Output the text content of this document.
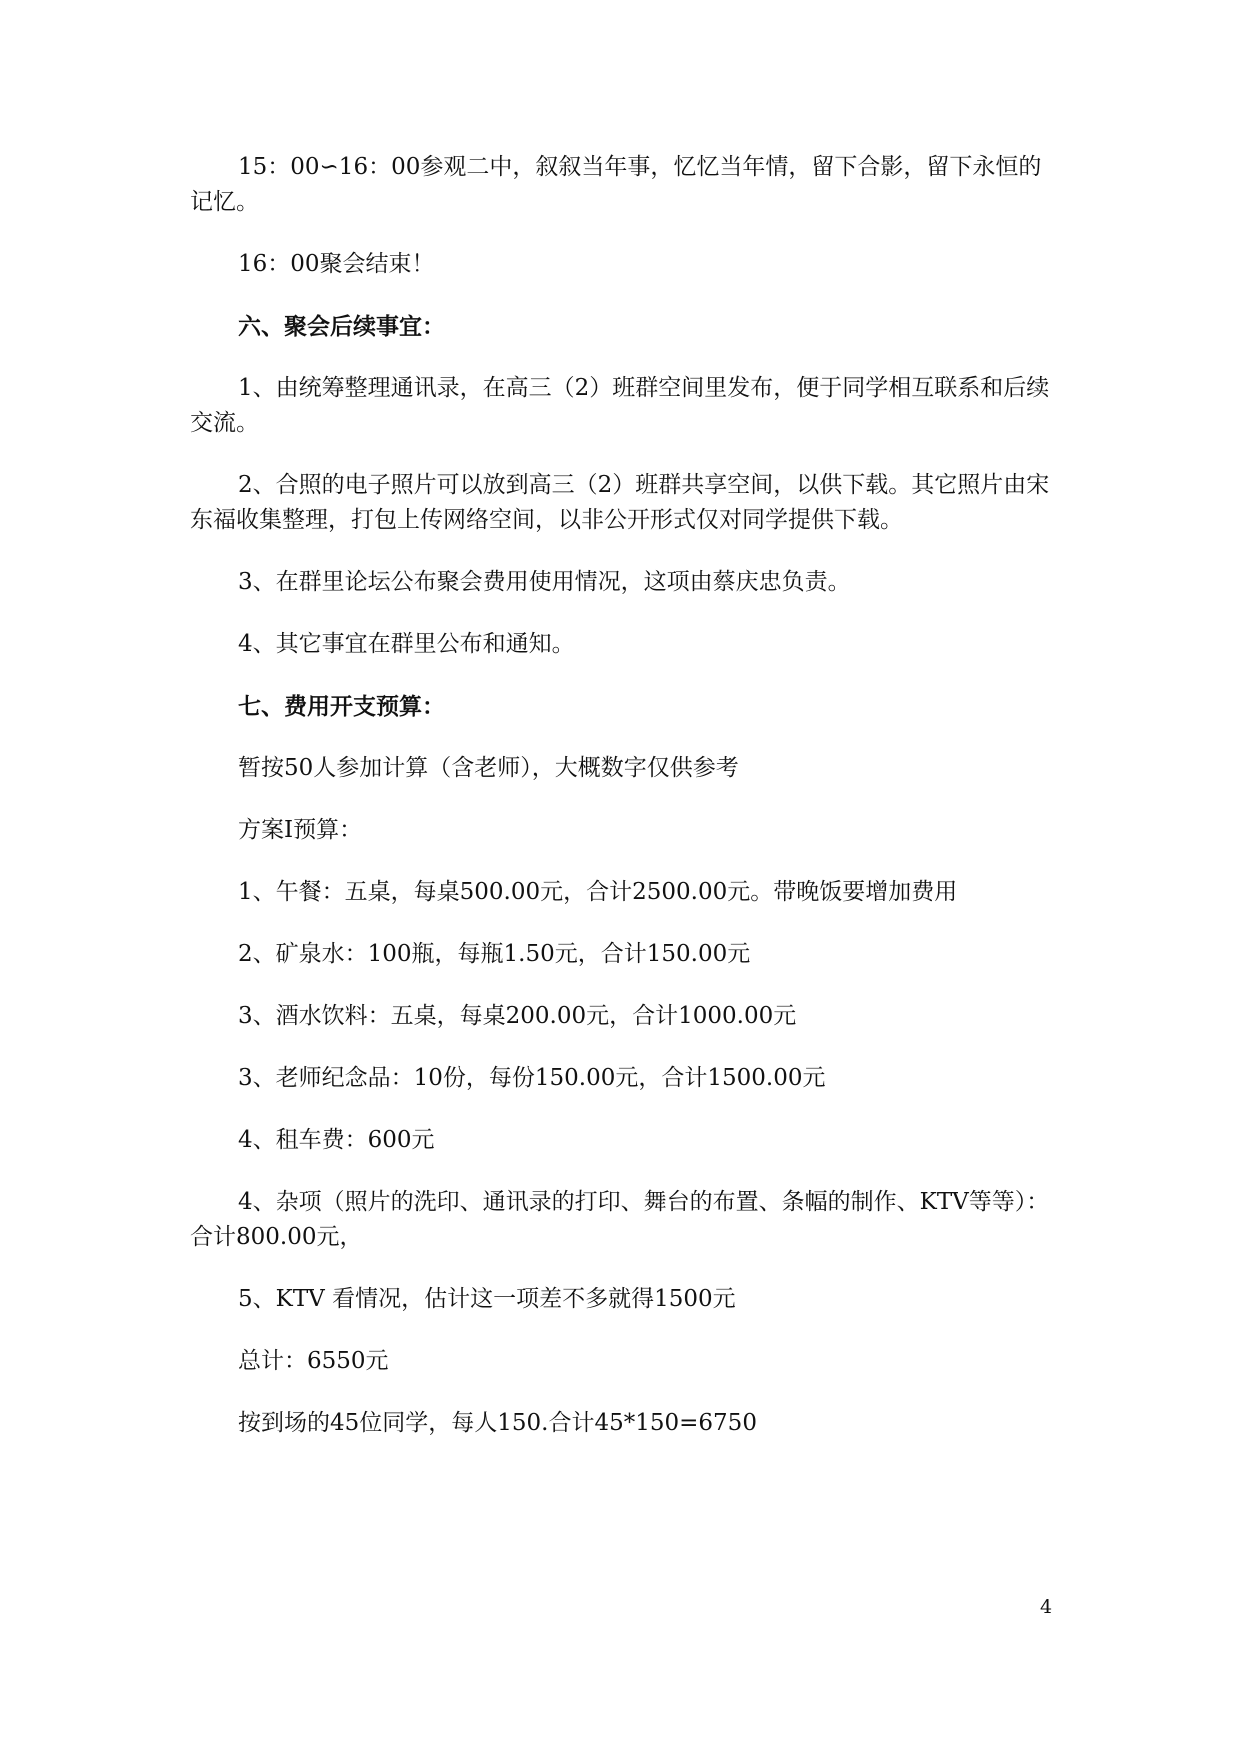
15：00∽16：00参观二中，叙叙当年事，忆忆当年情，留下合影，留下永恒的记忆。

16：00聚会结束！

六、聚会后续事宜：

1、由统筹整理通讯录，在高三（2）班群空间里发布，便于同学相互联系和后续交流。

2、合照的电子照片可以放到高三（2）班群共享空间，以供下载。其它照片由宋东福收集整理，打包上传网络空间，以非公开形式仅对同学提供下载。

3、在群里论坛公布聚会费用使用情况，这项由蔡庆忠负责。

4、其它事宜在群里公布和通知。

七、费用开支预算：

暂按50人参加计算（含老师），大概数字仅供参考

方案Ⅰ预算：

1、午餐：五桌，每桌500.00元，合计2500.00元。带晚饭要增加费用

2、矿泉水：100瓶，每瓶1.50元，合计150.00元

3、酒水饮料：五桌，每桌200.00元，合计1000.00元

3、老师纪念品：10份，每份150.00元，合计1500.00元

4、租车费：600元

4、杂项（照片的洗印、通讯录的打印、舞台的布置、条幅的制作、KTV等等）：合计800.00元，

5、KTV 看情况，估计这一项差不多就得1500元

总计：6550元

按到场的45位同学，每人150.合计45*150=6750

4
